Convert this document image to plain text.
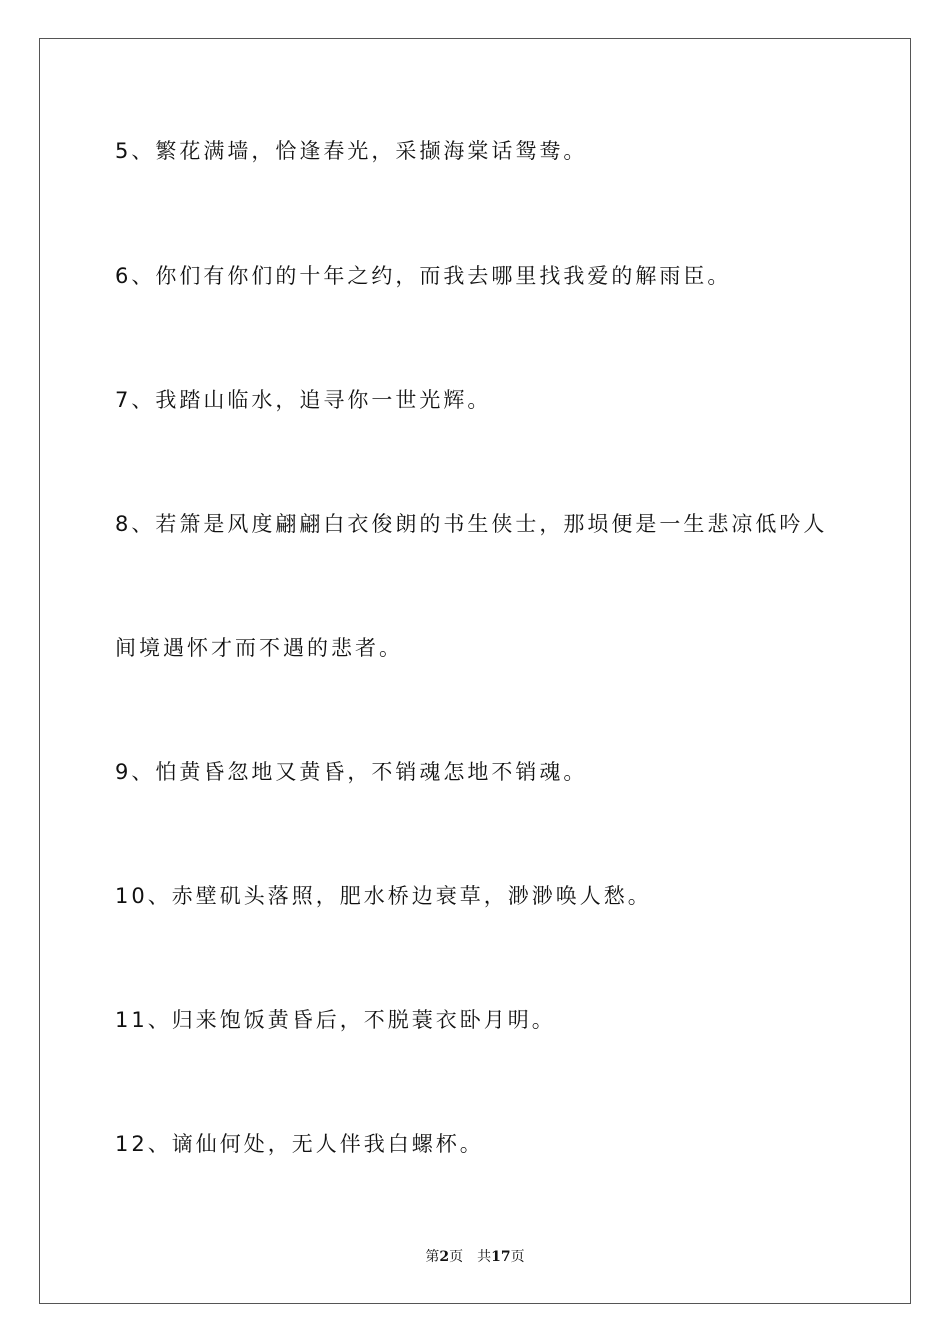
5、繁花满墙，恰逢春光，采撷海棠话鸳鸯。
6、你们有你们的十年之约，而我去哪里找我爱的解雨臣。
7、我踏山临水，追寻你一世光辉。
8、若箫是风度翩翩白衣俊朗的书生侠士，那埙便是一生悲凉低吟人
间境遇怀才而不遇的悲者。
9、怕黄昏忽地又黄昏，不销魂怎地不销魂。
10、赤壁矶头落照，肥水桥边衰草，渺渺唤人愁。
11、归来饱饭黄昏后，不脱蓑衣卧月明。
12、谪仙何处，无人伴我白螺杯。
第2页 共17页
